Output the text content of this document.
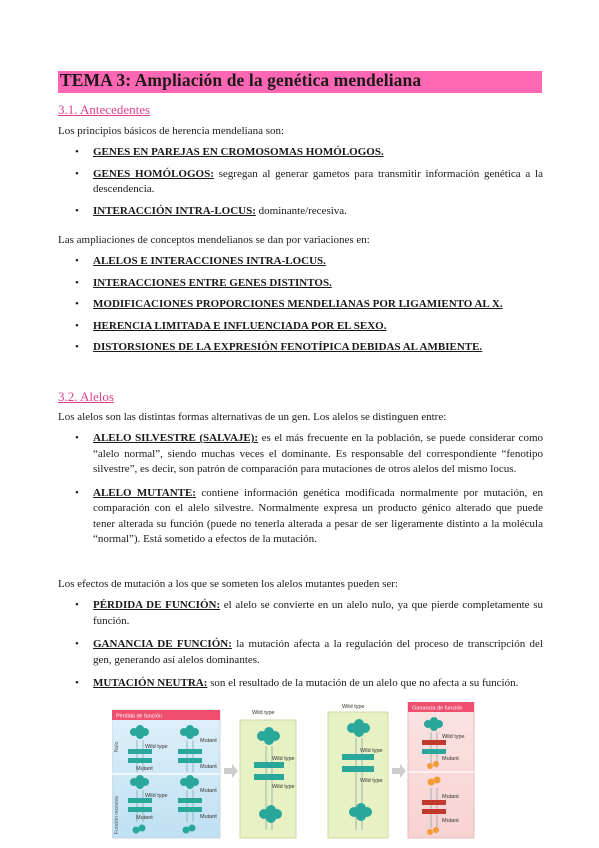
TEMA 3: Ampliación de la genética mendeliana
3.1. Antecedentes
Los principios básicos de herencia mendeliana son:
• GENES EN PAREJAS EN CROMOSOMAS HOMÓLOGOS.
• GENES HOMÓLOGOS: segregan al generar gametos para transmitir información genética a la descendencia.
• INTERACCIÓN INTRA-LOCUS: dominante/recesiva.
Las ampliaciones de conceptos mendelianos se dan por variaciones en:
• ALELOS E INTERACCIONES INTRA-LOCUS.
• INTERACCIONES ENTRE GENES DISTINTOS.
• MODIFICACIONES PROPORCIONES MENDELIANAS POR LIGAMIENTO AL X.
• HERENCIA LIMITADA E INFLUENCIADA POR EL SEXO.
• DISTORSIONES DE LA EXPRESIÓN FENOTÍPICA DEBIDAS AL AMBIENTE.
3.2. Alelos
Los alelos son las distintas formas alternativas de un gen. Los alelos se distinguen entre:
• ALELO SILVESTRE (SALVAJE): es el más frecuente en la población, se puede considerar como “alelo normal”, siendo muchas veces el dominante. Es responsable del correspondiente “fenotipo silvestre”, es decir, son patrón de comparación para mutaciones de otros alelos del mismo locus.
• ALELO MUTANTE: contiene información genética modificada normalmente por mutación, en comparación con el alelo silvestre. Normalmente expresa un producto génico alterado que puede tener alterada su función (puede no tenerla alterada a pesar de ser ligeramente distinto a la molécula “normal”). Está sometido a efectos de la mutación.
Los efectos de mutación a los que se someten los alelos mutantes pueden ser:
• PÉRDIDA DE FUNCIÓN: el alelo se convierte en un alelo nulo, ya que pierde completamente su función.
• GANANCIA DE FUNCIÓN: la mutación afecta a la regulación del proceso de transcripción del gen, generando así alelos dominantes.
• MUTACIÓN NEUTRA: son el resultado de la mutación de un alelo que no afecta a su función.
Pérdida de función
Nulo
Función recesiva
Wild type
Mutant
Mutant
Mutant
Wild type
Mutant
Mutant
Mutant
Wild type
Wild type
Wild type
Wild type
Wild type
Wild type
Ganancia de función
Wild type
Mutant
Mutant
Mutant
